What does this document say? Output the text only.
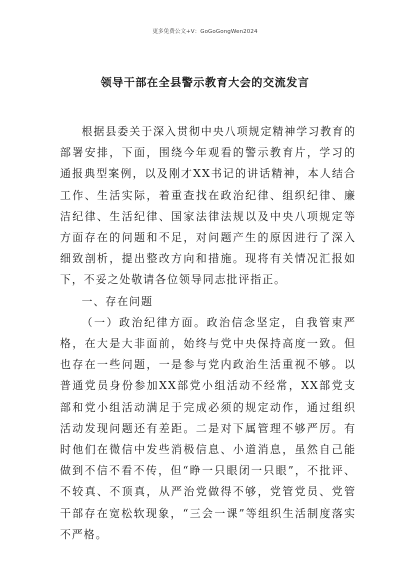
更多免费公文+V：GoGoGongWen2024
领导干部在全县警示教育大会的交流发言

根据县委关于深入贯彻中央八项规定精神学习教育的部署安排，下面，围绕今年观看的警示教育片，学习的通报典型案例，以及刚才XX书记的讲话精神，本人结合工作、生活实际，着重查找在政治纪律、组织纪律、廉洁纪律、生活纪律、国家法律法规以及中央八项规定等方面存在的问题和不足，对问题产生的原因进行了深入细致剖析，提出整改方向和措施。现将有关情况汇报如下，不妥之处敬请各位领导同志批评指正。

一、存在问题

（一）政治纪律方面。政治信念坚定，自我管束严格，在大是大非面前，始终与党中央保持高度一致。但也存在一些问题，一是参与党内政治生活重视不够。以普通党员身份参加XX部党小组活动不经常，XX部党支部和党小组活动满足于完成必须的规定动作，通过组织活动发现问题还有差距。二是对下属管理不够严厉。有时他们在微信中发些消极信息、小道消息，虽然自己能做到不信不看不传，但“睁一只眼闭一只眼”，不批评、不较真、不顶真，从严治党做得不够，党管党员、党管干部存在宽松软现象，“三会一课”等组织生活制度落实不严格。
